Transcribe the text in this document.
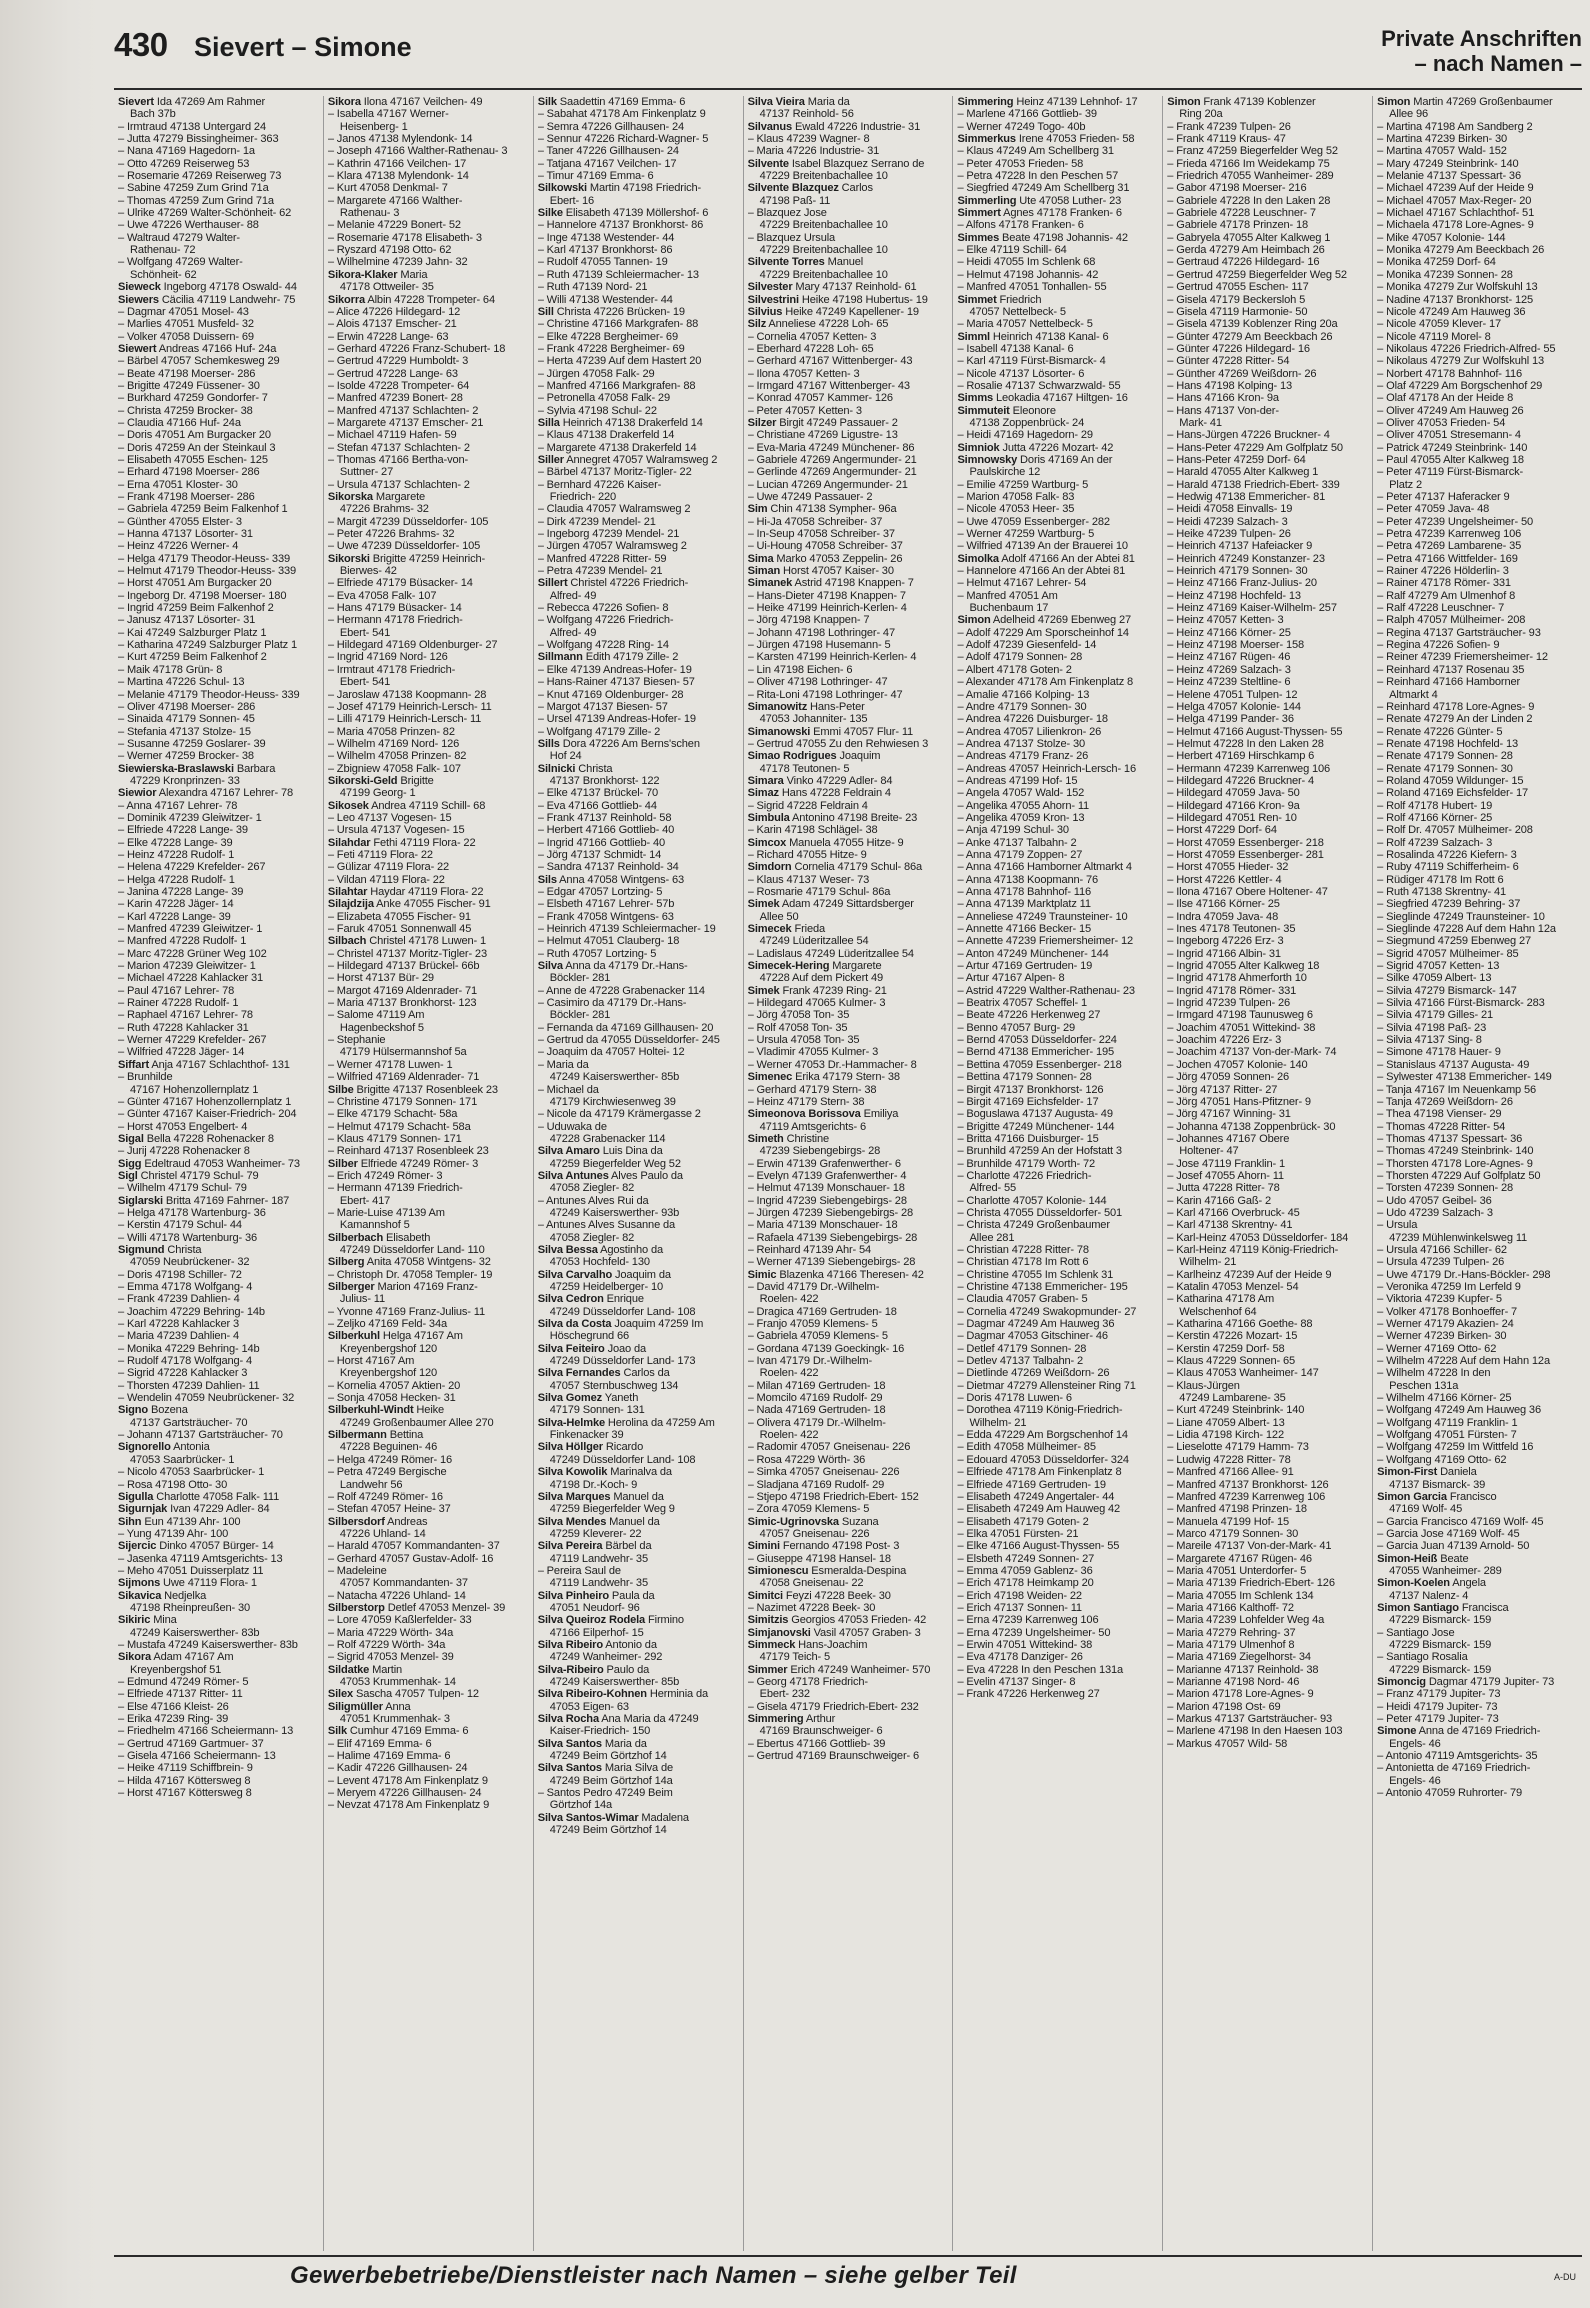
430 Sievert – Simone	Private Anschriften
– nach Namen –
Sievert Ida 47269 Am Rahmer
Bach 37b
– Irmtraud 47138 Untergard 24
– Jutta 47279 Bissingheimer- 363
– Nana 47169 Hagedorn- 1a
– Otto 47269 Reiserweg 53
– Rosemarie 47269 Reiserweg 73
– Sabine 47259 Zum Grind 71a
– Thomas 47259 Zum Grind 71a
– Ulrike 47269 Walter-Schönheit- 62
– Uwe 47226 Werthauser- 88
– Waltraud 47279 Walter-
Rathenau- 72
– Wolfgang 47269 Walter-
Schönheit- 62
Sieweck Ingeborg 47178 Oswald- 44
Siewers Cäcilia 47119 Landwehr- 75
– Dagmar 47051 Mosel- 43
– Marlies 47051 Musfeld- 32
– Volker 47058 Duissern- 69
Siewert Andreas 47166 Huf- 24a
– Bärbel 47057 Schemkesweg 29
– Beate 47198 Moerser- 286
– Brigitte 47249 Füssener- 30
– Burkhard 47259 Gondorfer- 7
– Christa 47259 Brocker- 38
– Claudia 47166 Huf- 24a
– Doris 47051 Am Burgacker 20
– Doris 47259 An der Steinkaul 3
– Elisabeth 47055 Eschen- 125
– Erhard 47198 Moerser- 286
– Erna 47051 Kloster- 30
– Frank 47198 Moerser- 286
– Gabriela 47259 Beim Falkenhof 1
– Günther 47055 Elster- 3
– Hanna 47137 Lösorter- 31
– Heinz 47226 Werner- 4
– Helga 47179 Theodor-Heuss- 339
– Helmut 47179 Theodor-Heuss- 339
– Horst 47051 Am Burgacker 20
– Ingeborg Dr. 47198 Moerser- 180
– Ingrid 47259 Beim Falkenhof 2
– Janusz 47137 Lösorter- 31
– Kai 47249 Salzburger Platz 1
– Katharina 47249 Salzburger Platz 1
– Kurt 47259 Beim Falkenhof 2
– Maik 47178 Grün- 8
– Martina 47226 Schul- 13
– Melanie 47179 Theodor-Heuss- 339
– Oliver 47198 Moerser- 286
– Sinaida 47179 Sonnen- 45
– Stefania 47137 Stolze- 15
– Susanne 47259 Goslarer- 39
– Werner 47259 Brocker- 38
Siewierska-Braslawski Barbara
47229 Kronprinzen- 33
Siewior Alexandra 47167 Lehrer- 78
– Anna 47167 Lehrer- 78
– Dominik 47239 Gleiwitzer- 1
– Elfriede 47228 Lange- 39
– Elke 47228 Lange- 39
– Heinz 47228 Rudolf- 1
– Helena 47229 Krefelder- 267
– Helga 47228 Rudolf- 1
– Janina 47228 Lange- 39
– Karin 47228 Jäger- 14
– Karl 47228 Lange- 39
– Manfred 47239 Gleiwitzer- 1
– Manfred 47228 Rudolf- 1
– Marc 47228 Grüner Weg 102
– Marion 47239 Gleiwitzer- 1
– Michael 47228 Kahlacker 31
– Paul 47167 Lehrer- 78
– Rainer 47228 Rudolf- 1
– Raphael 47167 Lehrer- 78
– Ruth 47228 Kahlacker 31
– Werner 47229 Krefelder- 267
– Wilfried 47228 Jäger- 14
Siffart Anja 47167 Schlachthof- 131
– Brunhilde
47167 Hohenzollernplatz 1
– Günter 47167 Hohenzollernplatz 1
– Günter 47167 Kaiser-Friedrich- 204
– Horst 47053 Engelbert- 4
Sigal Bella 47228 Rohenacker 8
– Jurij 47228 Rohenacker 8
Sigg Edeltraud 47053 Wanheimer- 73
Sigl Christel 47179 Schul- 79
– Wilhelm 47179 Schul- 79
Siglarski Britta 47169 Fahrner- 187
– Helga 47178 Wartenburg- 36
– Kerstin 47179 Schul- 44
– Willi 47178 Wartenburg- 36
Sigmund Christa
47059 Neubrückener- 32
– Doris 47198 Schiller- 72
– Emma 47178 Wolfgang- 4
– Frank 47239 Dahlien- 4
– Joachim 47229 Behring- 14b
– Karl 47228 Kahlacker 3
– Maria 47239 Dahlien- 4
– Monika 47229 Behring- 14b
– Rudolf 47178 Wolfgang- 4
– Sigrid 47228 Kahlacker 3
– Thorsten 47239 Dahlien- 11
– Wendelin 47059 Neubrückener- 32
Signo Bozena
47137 Gartsträucher- 70
– Johann 47137 Gartsträucher- 70
Signorello Antonia
47053 Saarbrücker- 1
– Nicolo 47053 Saarbrücker- 1
– Rosa 47198 Otto- 30
Sigulla Charlotte 47058 Falk- 111
Sigurnjak Ivan 47229 Adler- 84
Sihn Eun 47139 Ahr- 100
– Yung 47139 Ahr- 100
Sijercic Dinko 47057 Bürger- 14
– Jasenka 47119 Amtsgerichts- 13
– Meho 47051 Duisserplatz 11
Sijmons Uwe 47119 Flora- 1
Sikavica Nedjelka
47198 Rheinpreußen- 30
Sikiric Mina
47249 Kaiserswerther- 83b
– Mustafa 47249 Kaiserswerther- 83b
Sikora Adam 47167 Am
Kreyenbergshof 51
– Edmund 47249 Römer- 5
– Elfriede 47137 Ritter- 11
– Else 47166 Kleist- 26
– Erika 47239 Ring- 39
– Friedhelm 47166 Scheiermann- 13
– Gertrud 47169 Gartmuer- 37
– Gisela 47166 Scheiermann- 13
– Heike 47119 Schiffbrein- 9
– Hilda 47167 Köttersweg 8
– Horst 47167 Köttersweg 8
Sikora Ilona 47167 Veilchen- 49
– Isabella 47167 Werner-
Heisenberg- 1
– Janos 47138 Mylendonk- 14
– Joseph 47166 Walther-Rathenau- 3
– Kathrin 47166 Veilchen- 17
– Klara 47138 Mylendonk- 14
– Kurt 47058 Denkmal- 7
– Margarete 47166 Walther-
Rathenau- 3
– Melanie 47229 Bonert- 52
– Rosemarie 47178 Elisabeth- 3
– Ryszard 47198 Otto- 62
– Wilhelmine 47239 Jahn- 32
Sikora-Klaker Maria
47178 Ottweiler- 35
Sikorra Albin 47228 Trompeter- 64
– Alice 47226 Hildegard- 12
– Alois 47137 Emscher- 21
– Erwin 47228 Lange- 63
– Gerhard 47226 Franz-Schubert- 18
– Gertrud 47229 Humboldt- 3
– Gertrud 47228 Lange- 63
– Isolde 47228 Trompeter- 64
– Manfred 47239 Bonert- 28
– Manfred 47137 Schlachten- 2
– Margarete 47137 Emscher- 21
– Michael 47119 Hafen- 59
– Stefan 47137 Schlachten- 2
– Thomas 47166 Bertha-von-
Suttner- 27
– Ursula 47137 Schlachten- 2
Sikorska Margarete
47226 Brahms- 32
– Margit 47239 Düsseldorfer- 105
– Peter 47226 Brahms- 32
– Uwe 47239 Düsseldorfer- 105
Sikorski Brigitte 47259 Heinrich-
Bierwes- 42
– Elfriede 47179 Büsacker- 14
– Eva 47058 Falk- 107
– Hans 47179 Büsacker- 14
– Hermann 47178 Friedrich-
Ebert- 541
– Hildegard 47169 Oldenburger- 27
– Ingrid 47169 Nord- 126
– Irmtraut 47178 Friedrich-
Ebert- 541
– Jaroslaw 47138 Koopmann- 28
– Josef 47179 Heinrich-Lersch- 11
– Lilli 47179 Heinrich-Lersch- 11
– Maria 47058 Prinzen- 82
– Wilhelm 47169 Nord- 126
– Wilhelm 47058 Prinzen- 82
– Zbigniew 47058 Falk- 107
Sikorski-Geld Brigitte
47199 Georg- 1
Sikosek Andrea 47119 Schill- 68
– Leo 47137 Vogesen- 15
– Ursula 47137 Vogesen- 15
Silahdar Fethi 47119 Flora- 22
– Feti 47119 Flora- 22
– Gülizar 47119 Flora- 22
– Vildan 47119 Flora- 22
Silahtar Haydar 47119 Flora- 22
Silajdzija Anke 47055 Fischer- 91
– Elizabeta 47055 Fischer- 91
– Faruk 47051 Sonnenwall 45
Silbach Christel 47178 Luwen- 1
– Christel 47137 Moritz-Tigler- 23
– Hildegard 47137 Brückel- 66b
– Horst 47137 Bür- 29
– Margot 47169 Aldenrader- 71
– Maria 47137 Bronkhorst- 123
– Salome 47119 Am
Hagenbeckshof 5
– Stephanie
47179 Hülsermannshof 5a
– Werner 47178 Luwen- 1
– Wilfried 47169 Aldenrader- 71
Silbe Brigitte 47137 Rosenbleek 23
– Christine 47179 Sonnen- 171
– Elke 47179 Schacht- 58a
– Helmut 47179 Schacht- 58a
– Klaus 47179 Sonnen- 171
– Reinhard 47137 Rosenbleek 23
Silber Elfriede 47249 Römer- 3
– Erich 47249 Römer- 3
– Hermann 47139 Friedrich-
Ebert- 417
– Marie-Luise 47139 Am
Kamannshof 5
Silberbach Elisabeth
47249 Düsseldorfer Land- 110
Silberg Anita 47058 Wintgens- 32
– Christoph Dr. 47058 Templer- 19
Silberger Marion 47169 Franz-
Julius- 11
– Yvonne 47169 Franz-Julius- 11
– Zeljko 47169 Feld- 34a
Silberkuhl Helga 47167 Am
Kreyenbergshof 120
– Horst 47167 Am
Kreyenbergshof 120
– Kornelia 47057 Aktien- 20
– Sonja 47058 Hecken- 31
Silberkuhl-Windt Heike
47249 Großenbaumer Allee 270
Silbermann Bettina
47228 Beguinen- 46
– Helga 47249 Römer- 16
– Petra 47249 Bergische
Landwehr 56
– Rolf 47249 Römer- 16
– Stefan 47057 Heine- 37
Silbersdorf Andreas
47226 Uhland- 14
– Harald 47057 Kommandanten- 37
– Gerhard 47057 Gustav-Adolf- 16
– Madeleine
47057 Kommandanten- 37
– Natacha 47226 Uhland- 14
Silberstorp Detlef 47053 Menzel- 39
– Lore 47059 Kaßlerfelder- 33
– Maria 47229 Wörth- 34a
– Rolf 47229 Wörth- 34a
– Sigrid 47053 Menzel- 39
Sildatke Martin
47053 Krummenhak- 14
Silex Sascha 47057 Tulpen- 12
Siligmüller Anna
47051 Krummenhak- 3
Silk Cumhur 47169 Emma- 6
– Elif 47169 Emma- 6
– Halime 47169 Emma- 6
– Kadir 47226 Gillhausen- 24
– Levent 47178 Am Finkenplatz 9
– Meryem 47226 Gillhausen- 24
– Nevzat 47178 Am Finkenplatz 9
Silk Saadettin 47169 Emma- 6
– Sabahat 47178 Am Finkenplatz 9
– Semra 47226 Gillhausen- 24
– Sennur 47226 Richard-Wagner- 5
– Taner 47226 Gillhausen- 24
– Tatjana 47167 Veilchen- 17
– Timur 47169 Emma- 6
Silkowski Martin 47198 Friedrich-
Ebert- 16
Silke Elisabeth 47139 Möllershof- 6
– Hannelore 47137 Bronkhorst- 86
– Inge 47138 Westender- 44
– Karl 47137 Bronkhorst- 86
– Rudolf 47055 Tannen- 19
– Ruth 47139 Schleiermacher- 13
– Ruth 47139 Nord- 21
– Willi 47138 Westender- 44
Sill Christa 47226 Brücken- 19
– Christine 47166 Markgrafen- 88
– Elke 47228 Bergheimer- 69
– Frank 47228 Bergheimer- 69
– Herta 47239 Auf dem Hastert 20
– Jürgen 47058 Falk- 29
– Manfred 47166 Markgrafen- 88
– Petronella 47058 Falk- 29
– Sylvia 47198 Schul- 22
Silla Heinrich 47138 Drakerfeld 14
– Klaus 47138 Drakerfeld 14
– Margarete 47138 Drakerfeld 14
Siller Annegret 47057 Walramsweg 2
– Bärbel 47137 Moritz-Tigler- 22
– Bernhard 47226 Kaiser-
Friedrich- 220
– Claudia 47057 Walramsweg 2
– Dirk 47239 Mendel- 21
– Ingeborg 47239 Mendel- 21
– Jürgen 47057 Walramsweg 2
– Manfred 47228 Ritter- 59
– Petra 47239 Mendel- 21
Sillert Christel 47226 Friedrich-
Alfred- 49
– Rebecca 47226 Sofien- 8
– Wolfgang 47226 Friedrich-
Alfred- 49
– Wolfgang 47228 Ring- 14
Sillmann Edith 47179 Zille- 2
– Elke 47139 Andreas-Hofer- 19
– Hans-Rainer 47137 Biesen- 57
– Knut 47169 Oldenburger- 28
– Margot 47137 Biesen- 57
– Ursel 47139 Andreas-Hofer- 19
– Wolfgang 47179 Zille- 2
Sills Dora 47226 Am Berns'schen
Hof 24
Silnicki Christa
47137 Bronkhorst- 122
– Elke 47137 Brückel- 70
– Eva 47166 Gottlieb- 44
– Frank 47137 Reinhold- 58
– Herbert 47166 Gottlieb- 40
– Ingrid 47166 Gottlieb- 40
– Jörg 47137 Schmidt- 14
– Sandra 47137 Reinhold- 34
Sils Anna 47058 Wintgens- 63
– Edgar 47057 Lortzing- 5
– Elsbeth 47167 Lehrer- 57b
– Frank 47058 Wintgens- 63
– Heinrich 47139 Schleiermacher- 19
– Helmut 47051 Clauberg- 18
– Ruth 47057 Lortzing- 5
Silva Anna da 47179 Dr.-Hans-
Böckler- 281
– Anne de 47228 Grabenacker 114
– Casimiro da 47179 Dr.-Hans-
Böckler- 281
– Fernanda da 47169 Gillhausen- 20
– Gertrud da 47055 Düsseldorfer- 245
– Joaquim da 47057 Holtei- 12
– Maria da
47249 Kaiserswerther- 85b
– Michael da
47179 Kirchwiesenweg 39
– Nicole da 47179 Krämergasse 2
– Uduwaka de
47228 Grabenacker 114
Silva Amaro Luis Dina da
47259 Biegerfelder Weg 52
Silva Antunes Alves Paulo da
47058 Ziegler- 82
– Antunes Alves Rui da
47249 Kaiserswerther- 93b
– Antunes Alves Susanne da
47058 Ziegler- 82
Silva Bessa Agostinho da
47053 Hochfeld- 130
Silva Carvalho Joaquim da
47259 Heidelberger- 10
Silva Cedron Enrique
47249 Düsseldorfer Land- 108
Silva da Costa Joaquim 47259 Im
Höschegrund 66
Silva Feiteiro Joao da
47249 Düsseldorfer Land- 173
Silva Fernandes Carlos da
47057 Sternbuschweg 134
Silva Gomez Yaneth
47179 Sonnen- 131
Silva-Helmke Herolina da 47259 Am
Finkenacker 39
Silva Höllger Ricardo
47249 Düsseldorfer Land- 108
Silva Kowolik Marinalva da
47198 Dr.-Koch- 9
Silva Marques Manuel da
47259 Biegerfelder Weg 9
Silva Mendes Manuel da
47259 Kleverer- 22
Silva Pereira Bärbel da
47119 Landwehr- 35
– Pereira Saul de
47119 Landwehr- 35
Silva Pinheiro Paula da
47051 Neudorf- 96
Silva Queiroz Rodela Firmino
47166 Eilperhof- 15
Silva Ribeiro Antonio da
47249 Wanheimer- 292
Silva-Ribeiro Paulo da
47249 Kaiserswerther- 85b
Silva Ribeiro-Kohnen Herminia da
47053 Eigen- 63
Silva Rocha Ana Maria da 47249
Kaiser-Friedrich- 150
Silva Santos Maria da
47249 Beim Görtzhof 14
Silva Santos Maria Silva de
47249 Beim Görtzhof 14a
– Santos Pedro 47249 Beim
Görtzhof 14a
Silva Santos-Wimar Madalena
47249 Beim Görtzhof 14
Silva Vieira Maria da
47137 Reinhold- 56
Silvanus Ewald 47226 Industrie- 31
– Klaus 47239 Wagner- 8
– Maria 47226 Industrie- 31
Silvente Isabel Blazquez Serrano de
47229 Breitenbachallee 10
Silvente Blazquez Carlos
47198 Paß- 11
– Blazquez Jose
47229 Breitenbachallee 10
– Blazquez Ursula
47229 Breitenbachallee 10
Silvente Torres Manuel
47229 Breitenbachallee 10
Silvester Mary 47137 Reinhold- 61
Silvestrini Heike 47198 Hubertus- 19
Silvius Heike 47249 Kapellener- 19
Silz Anneliese 47228 Loh- 65
– Cornelia 47057 Ketten- 3
– Eberhard 47228 Loh- 65
– Gerhard 47167 Wittenberger- 43
– Ilona 47057 Ketten- 3
– Irmgard 47167 Wittenberger- 43
– Konrad 47057 Kammer- 126
– Peter 47057 Ketten- 3
Silzer Birgit 47249 Passauer- 2
– Christiane 47269 Ligustre- 13
– Eva-Maria 47249 Münchener- 86
– Gabriele 47269 Angermunder- 21
– Gerlinde 47269 Angermunder- 21
– Lucian 47269 Angermunder- 21
– Uwe 47249 Passauer- 2
Sim Chin 47138 Sympher- 96a
– Hi-Ja 47058 Schreiber- 37
– In-Seup 47058 Schreiber- 37
– Ui-Houng 47058 Schreiber- 37
Sima Marko 47053 Zeppelin- 26
Siman Horst 47057 Kaiser- 30
Simanek Astrid 47198 Knappen- 7
– Hans-Dieter 47198 Knappen- 7
– Heike 47199 Heinrich-Kerlen- 4
– Jörg 47198 Knappen- 7
– Johann 47198 Lothringer- 47
– Jürgen 47198 Husemann- 5
– Karsten 47199 Heinrich-Kerlen- 4
– Lin 47198 Eichen- 6
– Oliver 47198 Lothringer- 47
– Rita-Loni 47198 Lothringer- 47
Simanowitz Hans-Peter
47053 Johanniter- 135
Simanowski Emmi 47057 Flur- 11
– Gertrud 47055 Zu den Rehwiesen 3
Simao Rodrigues Joaquim
47178 Teutonen- 5
Simara Vinko 47229 Adler- 84
Simaz Hans 47228 Feldrain 4
– Sigrid 47228 Feldrain 4
Simbula Antonino 47198 Breite- 23
– Karin 47198 Schlägel- 38
Simcox Manuela 47055 Hitze- 9
– Richard 47055 Hitze- 9
Simdorn Cornelia 47179 Schul- 86a
– Klaus 47137 Weser- 73
– Rosmarie 47179 Schul- 86a
Simek Adam 47249 Sittardsberger
Allee 50
Simecek Frieda
47249 Lüderitzallee 54
– Ladislaus 47249 Lüderitzallee 54
Simecek-Hering Margarete
47228 Auf dem Pickert 49
Simek Frank 47239 Ring- 21
– Hildegard 47065 Kulmer- 3
– Jörg 47058 Ton- 35
– Rolf 47058 Ton- 35
– Ursula 47058 Ton- 35
– Vladimir 47055 Kulmer- 3
– Werner 47053 Dr.-Hammacher- 8
Simenec Erika 47179 Stern- 38
– Gerhard 47179 Stern- 38
– Heinz 47179 Stern- 38
Simeonova Borissova Emiliya
47119 Amtsgerichts- 6
Simeth Christine
47239 Siebengebirgs- 28
– Erwin 47139 Grafenwerther- 6
– Evelyn 47139 Grafenwerther- 4
– Helmut 47139 Monschauer- 18
– Ingrid 47239 Siebengebirgs- 28
– Jürgen 47239 Siebengebirgs- 28
– Maria 47139 Monschauer- 18
– Rafaela 47139 Siebengebirgs- 28
– Reinhard 47139 Ahr- 54
– Werner 47139 Siebengebirgs- 28
Simic Blazenka 47166 Theresen- 42
– David 47179 Dr.-Wilhelm-
Roelen- 422
– Dragica 47169 Gertruden- 18
– Franjo 47059 Klemens- 5
– Gabriela 47059 Klemens- 5
– Gordana 47139 Goeckingk- 16
– Ivan 47179 Dr.-Wilhelm-
Roelen- 422
– Milan 47169 Gertruden- 18
– Momcilo 47169 Rudolf- 29
– Nada 47169 Gertruden- 18
– Olivera 47179 Dr.-Wilhelm-
Roelen- 422
– Radomir 47057 Gneisenau- 226
– Rosa 47229 Wörth- 36
– Simka 47057 Gneisenau- 226
– Sladjana 47169 Rudolf- 29
– Stjepo 47198 Friedrich-Ebert- 152
– Zora 47059 Klemens- 5
Simic-Ugrinovska Suzana
47057 Gneisenau- 226
Simini Fernando 47198 Post- 3
– Giuseppe 47198 Hansel- 18
Simionescu Esmeralda-Despina
47058 Gneisenau- 22
Simitci Feyzi 47228 Beek- 30
– Nazimet 47228 Beek- 30
Simitzis Georgios 47053 Frieden- 42
Simjanovski Vasil 47057 Graben- 3
Simmeck Hans-Joachim
47179 Teich- 5
Simmer Erich 47249 Wanheimer- 570
– Georg 47178 Friedrich-
Ebert- 232
– Gisela 47179 Friedrich-Ebert- 232
Simmering Arthur
47169 Braunschweiger- 6
– Ebertus 47166 Gottlieb- 39
– Gertrud 47169 Braunschweiger- 6
Simmering Heinz 47139 Lehnhof- 17
– Marlene 47166 Gottlieb- 39
– Werner 47249 Togo- 40b
Simmerkus Irene 47053 Frieden- 58
– Klaus 47249 Am Schellberg 31
– Peter 47053 Frieden- 58
– Petra 47228 In den Peschen 57
– Siegfried 47249 Am Schellberg 31
Simmerling Ute 47058 Luther- 23
Simmert Agnes 47178 Franken- 6
– Alfons 47178 Franken- 6
Simmes Beate 47198 Johannis- 42
– Elke 47119 Schill- 64
– Heidi 47055 Im Schlenk 68
– Helmut 47198 Johannis- 42
– Manfred 47051 Tonhallen- 55
Simmet Friedrich
47057 Nettelbeck- 5
– Maria 47057 Nettelbeck- 5
Simml Heinrich 47138 Kanal- 6
– Isabell 47138 Kanal- 6
– Karl 47119 Fürst-Bismarck- 4
– Nicole 47137 Lösorter- 6
– Rosalie 47137 Schwarzwald- 55
Simms Leokadia 47167 Hiltgen- 16
Simmuteit Eleonore
47138 Zoppenbrück- 24
– Heidi 47169 Hagedorn- 29
Simniok Jutta 47226 Mozart- 42
Simnowsky Doris 47169 An der
Paulskirche 12
– Emilie 47259 Wartburg- 5
– Marion 47058 Falk- 83
– Nicole 47053 Heer- 35
– Uwe 47059 Essenberger- 282
– Werner 47259 Wartburg- 5
– Wilfried 47139 An der Brauerei 10
Simolka Adolf 47166 An der Abtei 81
– Hannelore 47166 An der Abtei 81
– Helmut 47167 Lehrer- 54
– Manfred 47051 Am
Buchenbaum 17
Simon Adelheid 47269 Ebenweg 27
– Adolf 47229 Am Sporscheinhof 14
– Adolf 47239 Giesenfeld- 14
– Adolf 47179 Sonnen- 28
– Albert 47178 Goten- 2
– Alexander 47178 Am Finkenplatz 8
– Amalie 47166 Kolping- 13
– Andre 47179 Sonnen- 30
– Andrea 47226 Duisburger- 18
– Andrea 47057 Lilienkron- 26
– Andrea 47137 Stolze- 30
– Andreas 47179 Franz- 26
– Andreas 47057 Heinrich-Lersch- 16
– Andreas 47199 Hof- 15
– Angela 47057 Wald- 152
– Angelika 47055 Ahorn- 11
– Angelika 47059 Kron- 13
– Anja 47199 Schul- 30
– Anke 47137 Talbahn- 2
– Anna 47179 Zoppen- 27
– Anna 47166 Hamborner Altmarkt 4
– Anna 47138 Koopmann- 76
– Anna 47178 Bahnhof- 116
– Anna 47139 Marktplatz 11
– Anneliese 47249 Traunsteiner- 10
– Annette 47166 Becker- 15
– Annette 47239 Friemersheimer- 12
– Anton 47249 Münchener- 144
– Artur 47169 Gertruden- 19
– Artur 47167 Alpen- 8
– Astrid 47229 Walther-Rathenau- 23
– Beatrix 47057 Scheffel- 1
– Beate 47226 Herkenweg 27
– Benno 47057 Burg- 29
– Bernd 47053 Düsseldorfer- 224
– Bernd 47138 Emmericher- 195
– Bettina 47059 Essenberger- 218
– Bettina 47179 Sonnen- 28
– Birgit 47137 Bronkhorst- 126
– Birgit 47169 Eichsfelder- 17
– Boguslawa 47137 Augusta- 49
– Brigitte 47249 Münchener- 144
– Britta 47166 Duisburger- 15
– Brunhild 47259 An der Hofstatt 3
– Brunhilde 47179 Worth- 72
– Charlotte 47226 Friedrich-
Alfred- 55
– Charlotte 47057 Kolonie- 144
– Christa 47055 Düsseldorfer- 501
– Christa 47249 Großenbaumer
Allee 281
– Christian 47228 Ritter- 78
– Christian 47178 Im Rott 6
– Christine 47055 Im Schlenk 31
– Christine 47138 Emmericher- 195
– Claudia 47057 Graben- 5
– Cornelia 47249 Swakopmunder- 27
– Dagmar 47249 Am Hauweg 36
– Dagmar 47053 Gitschiner- 46
– Detlef 47179 Sonnen- 28
– Detlev 47137 Talbahn- 2
– Dietlinde 47269 Weißdorn- 26
– Dietmar 47279 Allensteiner Ring 71
– Doris 47178 Luwen- 6
– Dorothea 47119 König-Friedrich-
Wilhelm- 21
– Edda 47229 Am Borgschenhof 14
– Edith 47058 Mülheimer- 85
– Edouard 47053 Düsseldorfer- 324
– Elfriede 47178 Am Finkenplatz 8
– Elfriede 47169 Gertruden- 19
– Elisabeth 47249 Angertaler- 44
– Elisabeth 47249 Am Hauweg 42
– Elisabeth 47179 Goten- 2
– Elka 47051 Fürsten- 21
– Elke 47166 August-Thyssen- 55
– Elsbeth 47249 Sonnen- 27
– Emma 47059 Gablenz- 36
– Erich 47178 Heimkamp 20
– Erich 47198 Weiden- 22
– Erich 47137 Sonnen- 11
– Erna 47239 Karrenweg 106
– Erna 47239 Ungelsheimer- 50
– Erwin 47051 Wittekind- 38
– Eva 47178 Danziger- 26
– Eva 47228 In den Peschen 131a
– Evelin 47137 Singer- 8
– Frank 47226 Herkenweg 27
Simon Frank 47139 Koblenzer
Ring 20a
– Frank 47239 Tulpen- 26
– Frank 47119 Kraus- 47
– Franz 47259 Biegerfelder Weg 52
– Frieda 47166 Im Weidekamp 75
– Friedrich 47055 Wanheimer- 289
– Gabor 47198 Moerser- 216
– Gabriele 47228 In den Laken 28
– Gabriele 47228 Leuschner- 7
– Gabriele 47178 Prinzen- 18
– Gabryela 47055 Alter Kalkweg 1
– Gerda 47279 Am Heimbach 26
– Gertraud 47226 Hildegard- 16
– Gertrud 47259 Biegerfelder Weg 52
– Gertrud 47055 Eschen- 117
– Gisela 47179 Beckersloh 5
– Gisela 47119 Harmonie- 50
– Gisela 47139 Koblenzer Ring 20a
– Günter 47279 Am Beeckbach 26
– Günter 47226 Hildegard- 16
– Günter 47228 Ritter- 54
– Günther 47269 Weißdorn- 26
– Hans 47198 Kolping- 13
– Hans 47166 Kron- 9a
– Hans 47137 Von-der-
Mark- 41
– Hans-Jürgen 47226 Bruckner- 4
– Hans-Peter 47229 Am Golfplatz 50
– Hans-Peter 47259 Dorf- 64
– Harald 47055 Alter Kalkweg 1
– Harald 47138 Friedrich-Ebert- 339
– Hedwig 47138 Emmericher- 81
– Heidi 47058 Einvalls- 19
– Heidi 47239 Salzach- 3
– Heike 47239 Tulpen- 26
– Heinrich 47137 Hafeiacker 9
– Heinrich 47249 Konstanzer- 23
– Heinrich 47179 Sonnen- 30
– Heinz 47166 Franz-Julius- 20
– Heinz 47198 Hochfeld- 13
– Heinz 47169 Kaiser-Wilhelm- 257
– Heinz 47057 Ketten- 3
– Heinz 47166 Körner- 25
– Heinz 47198 Moerser- 158
– Heinz 47167 Rügen- 46
– Heinz 47269 Salzach- 3
– Heinz 47239 Steltline- 6
– Helene 47051 Tulpen- 12
– Helga 47057 Kolonie- 144
– Helga 47199 Pander- 36
– Helmut 47166 August-Thyssen- 55
– Helmut 47228 In den Laken 28
– Herbert 47169 Hirschkamp 6
– Hermann 47239 Karrenweg 106
– Hildegard 47226 Bruckner- 4
– Hildegard 47059 Java- 50
– Hildegard 47166 Kron- 9a
– Hildegard 47051 Ren- 10
– Horst 47229 Dorf- 64
– Horst 47059 Essenberger- 218
– Horst 47059 Essenberger- 281
– Horst 47055 Hieder- 32
– Horst 47226 Kettler- 4
– Ilona 47167 Obere Holtener- 47
– Ilse 47166 Körner- 25
– Indra 47059 Java- 48
– Ines 47178 Teutonen- 35
– Ingeborg 47226 Erz- 3
– Ingrid 47166 Albin- 31
– Ingrid 47055 Alter Kalkweg 18
– Ingrid 47178 Ahmerforth 10
– Ingrid 47178 Römer- 331
– Ingrid 47239 Tulpen- 26
– Irmgard 47198 Taunusweg 6
– Joachim 47051 Wittekind- 38
– Joachim 47226 Erz- 3
– Joachim 47137 Von-der-Mark- 74
– Jochen 47057 Kolonie- 140
– Jörg 47059 Sonnen- 26
– Jörg 47137 Ritter- 27
– Jörg 47051 Hans-Pfitzner- 9
– Jörg 47167 Winning- 31
– Johanna 47138 Zoppenbrück- 30
– Johannes 47167 Obere
Holtener- 47
– Jose 47119 Franklin- 1
– Josef 47055 Ahorn- 11
– Jutta 47228 Ritter- 78
– Karin 47166 Gaß- 2
– Karl 47166 Overbruck- 45
– Karl 47138 Skrentny- 41
– Karl-Heinz 47053 Düsseldorfer- 184
– Karl-Heinz 47119 König-Friedrich-
Wilhelm- 21
– Karlheinz 47239 Auf der Heide 9
– Katalin 47053 Menzel- 54
– Katharina 47178 Am
Welschenhof 64
– Katharina 47166 Goethe- 88
– Kerstin 47226 Mozart- 15
– Kerstin 47259 Dorf- 58
– Klaus 47229 Sonnen- 65
– Klaus 47053 Wanheimer- 147
– Klaus-Jürgen
47249 Lambarene- 35
– Kurt 47249 Steinbrink- 140
– Liane 47059 Albert- 13
– Lidia 47198 Kirch- 122
– Lieselotte 47179 Hamm- 73
– Ludwig 47228 Ritter- 78
– Manfred 47166 Allee- 91
– Manfred 47137 Bronkhorst- 126
– Manfred 47239 Karrenweg 106
– Manfred 47198 Prinzen- 18
– Manuela 47199 Hof- 15
– Marco 47179 Sonnen- 30
– Mareile 47137 Von-der-Mark- 41
– Margarete 47167 Rügen- 46
– Maria 47051 Unterdorfer- 5
– Maria 47139 Friedrich-Ebert- 126
– Maria 47055 Im Schlenk 134
– Maria 47166 Kalthoff- 72
– Maria 47239 Lohfelder Weg 4a
– Maria 47279 Rehring- 37
– Maria 47179 Ulmenhof 8
– Maria 47169 Ziegelhorst- 34
– Marianne 47137 Reinhold- 38
– Marianne 47198 Nord- 46
– Marion 47178 Lore-Agnes- 9
– Marion 47198 Ost- 69
– Markus 47137 Gartsträucher- 93
– Marlene 47198 In den Haesen 103
– Markus 47057 Wild- 58
Simon Martin 47269 Großenbaumer
Allee 96
– Martina 47198 Am Sandberg 2
– Martina 47239 Birken- 30
– Martina 47057 Wald- 152
– Mary 47249 Steinbrink- 140
– Melanie 47137 Spessart- 36
– Michael 47239 Auf der Heide 9
– Michael 47057 Max-Reger- 20
– Michael 47167 Schlachthof- 51
– Michaela 47178 Lore-Agnes- 9
– Mike 47057 Kolonie- 144
– Monika 47279 Am Beeckbach 26
– Monika 47259 Dorf- 64
– Monika 47239 Sonnen- 28
– Monika 47279 Zur Wolfskuhl 13
– Nadine 47137 Bronkhorst- 125
– Nicole 47249 Am Hauweg 36
– Nicole 47059 Klever- 17
– Nicole 47119 Morel- 8
– Nikolaus 47226 Friedrich-Alfred- 55
– Nikolaus 47279 Zur Wolfskuhl 13
– Norbert 47178 Bahnhof- 116
– Olaf 47229 Am Borgschenhof 29
– Olaf 47178 An der Heide 8
– Oliver 47249 Am Hauweg 26
– Oliver 47053 Frieden- 54
– Oliver 47051 Stresemann- 4
– Patrick 47249 Steinbrink- 140
– Paul 47055 Alter Kalkweg 18
– Peter 47119 Fürst-Bismarck-
Platz 2
– Peter 47137 Haferacker 9
– Peter 47059 Java- 48
– Peter 47239 Ungelsheimer- 50
– Petra 47239 Karrenweg 106
– Petra 47269 Lambarene- 35
– Petra 47166 Wittfelder- 169
– Rainer 47226 Hölderlin- 3
– Rainer 47178 Römer- 331
– Ralf 47279 Am Ulmenhof 8
– Ralf 47228 Leuschner- 7
– Ralph 47057 Mülheimer- 208
– Regina 47137 Gartsträucher- 93
– Regina 47226 Sofien- 9
– Reiner 47239 Friemersheimer- 12
– Reinhard 47137 Rosenau 35
– Reinhard 47166 Hamborner
Altmarkt 4
– Reinhard 47178 Lore-Agnes- 9
– Renate 47279 An der Linden 2
– Renate 47226 Günter- 5
– Renate 47198 Hochfeld- 13
– Renate 47179 Sonnen- 28
– Renate 47179 Sonnen- 30
– Roland 47059 Wildunger- 15
– Roland 47169 Eichsfelder- 17
– Rolf 47178 Hubert- 19
– Rolf 47166 Körner- 25
– Rolf Dr. 47057 Mülheimer- 208
– Rolf 47239 Salzach- 3
– Rosalinda 47226 Kiefern- 3
– Ruby 47119 Schifferheim- 6
– Rüdiger 47178 Im Rott 6
– Ruth 47138 Skrentny- 41
– Siegfried 47239 Behring- 37
– Sieglinde 47249 Traunsteiner- 10
– Sieglinde 47228 Auf dem Hahn 12a
– Siegmund 47259 Ebenweg 27
– Sigrid 47057 Mülheimer- 85
– Sigrid 47057 Ketten- 13
– Silke 47059 Albert- 13
– Silvia 47279 Bismarck- 147
– Silvia 47166 Fürst-Bismarck- 283
– Silvia 47179 Gilles- 21
– Silvia 47198 Paß- 23
– Silvia 47137 Sing- 8
– Simone 47178 Hauer- 9
– Stanislaus 47137 Augusta- 49
– Sylwester 47138 Emmericher- 149
– Tanja 47167 Im Neuenkamp 56
– Tanja 47269 Weißdorn- 26
– Thea 47198 Vienser- 29
– Thomas 47228 Ritter- 54
– Thomas 47137 Spessart- 36
– Thomas 47249 Steinbrink- 140
– Thorsten 47178 Lore-Agnes- 9
– Thorsten 47229 Auf Golfplatz 50
– Torsten 47239 Sonnen- 28
– Udo 47057 Geibel- 36
– Udo 47239 Salzach- 3
– Ursula
47239 Mühlenwinkelsweg 11
– Ursula 47166 Schiller- 62
– Ursula 47239 Tulpen- 26
– Uwe 47179 Dr.-Hans-Böckler- 298
– Veronika 47259 Im Lerfeld 9
– Viktoria 47239 Kupfer- 5
– Volker 47178 Bonhoeffer- 7
– Werner 47179 Akazien- 24
– Werner 47239 Birken- 30
– Werner 47169 Otto- 62
– Wilhelm 47228 Auf dem Hahn 12a
– Wilhelm 47228 In den
Peschen 131a
– Wilhelm 47166 Körner- 25
– Wolfgang 47249 Am Hauweg 36
– Wolfgang 47119 Franklin- 1
– Wolfgang 47051 Fürsten- 7
– Wolfgang 47259 Im Wittfeld 16
– Wolfgang 47169 Otto- 62
Simon-First Daniela
47137 Bismarck- 39
Simon Garcia Francisco
47169 Wolf- 45
– Garcia Francisco 47169 Wolf- 45
– Garcia Jose 47169 Wolf- 45
– Garcia Juan 47139 Arnold- 50
Simon-Heiß Beate
47055 Wanheimer- 289
Simon-Koelen Angela
47137 Nalenz- 4
Simon Santiago Francisca
47229 Bismarck- 159
– Santiago Jose
47229 Bismarck- 159
– Santiago Rosalia
47229 Bismarck- 159
Simoncig Dagmar 47179 Jupiter- 73
– Franz 47179 Jupiter- 73
– Heidi 47179 Jupiter- 73
– Peter 47179 Jupiter- 73
Simone Anna de 47169 Friedrich-
Engels- 46
– Antonio 47119 Amtsgerichts- 35
– Antonietta de 47169 Friedrich-
Engels- 46
– Antonio 47059 Ruhrorter- 79
Gewerbebetriebe/Dienstleister nach Namen – siehe gelber Teil	A-DU
